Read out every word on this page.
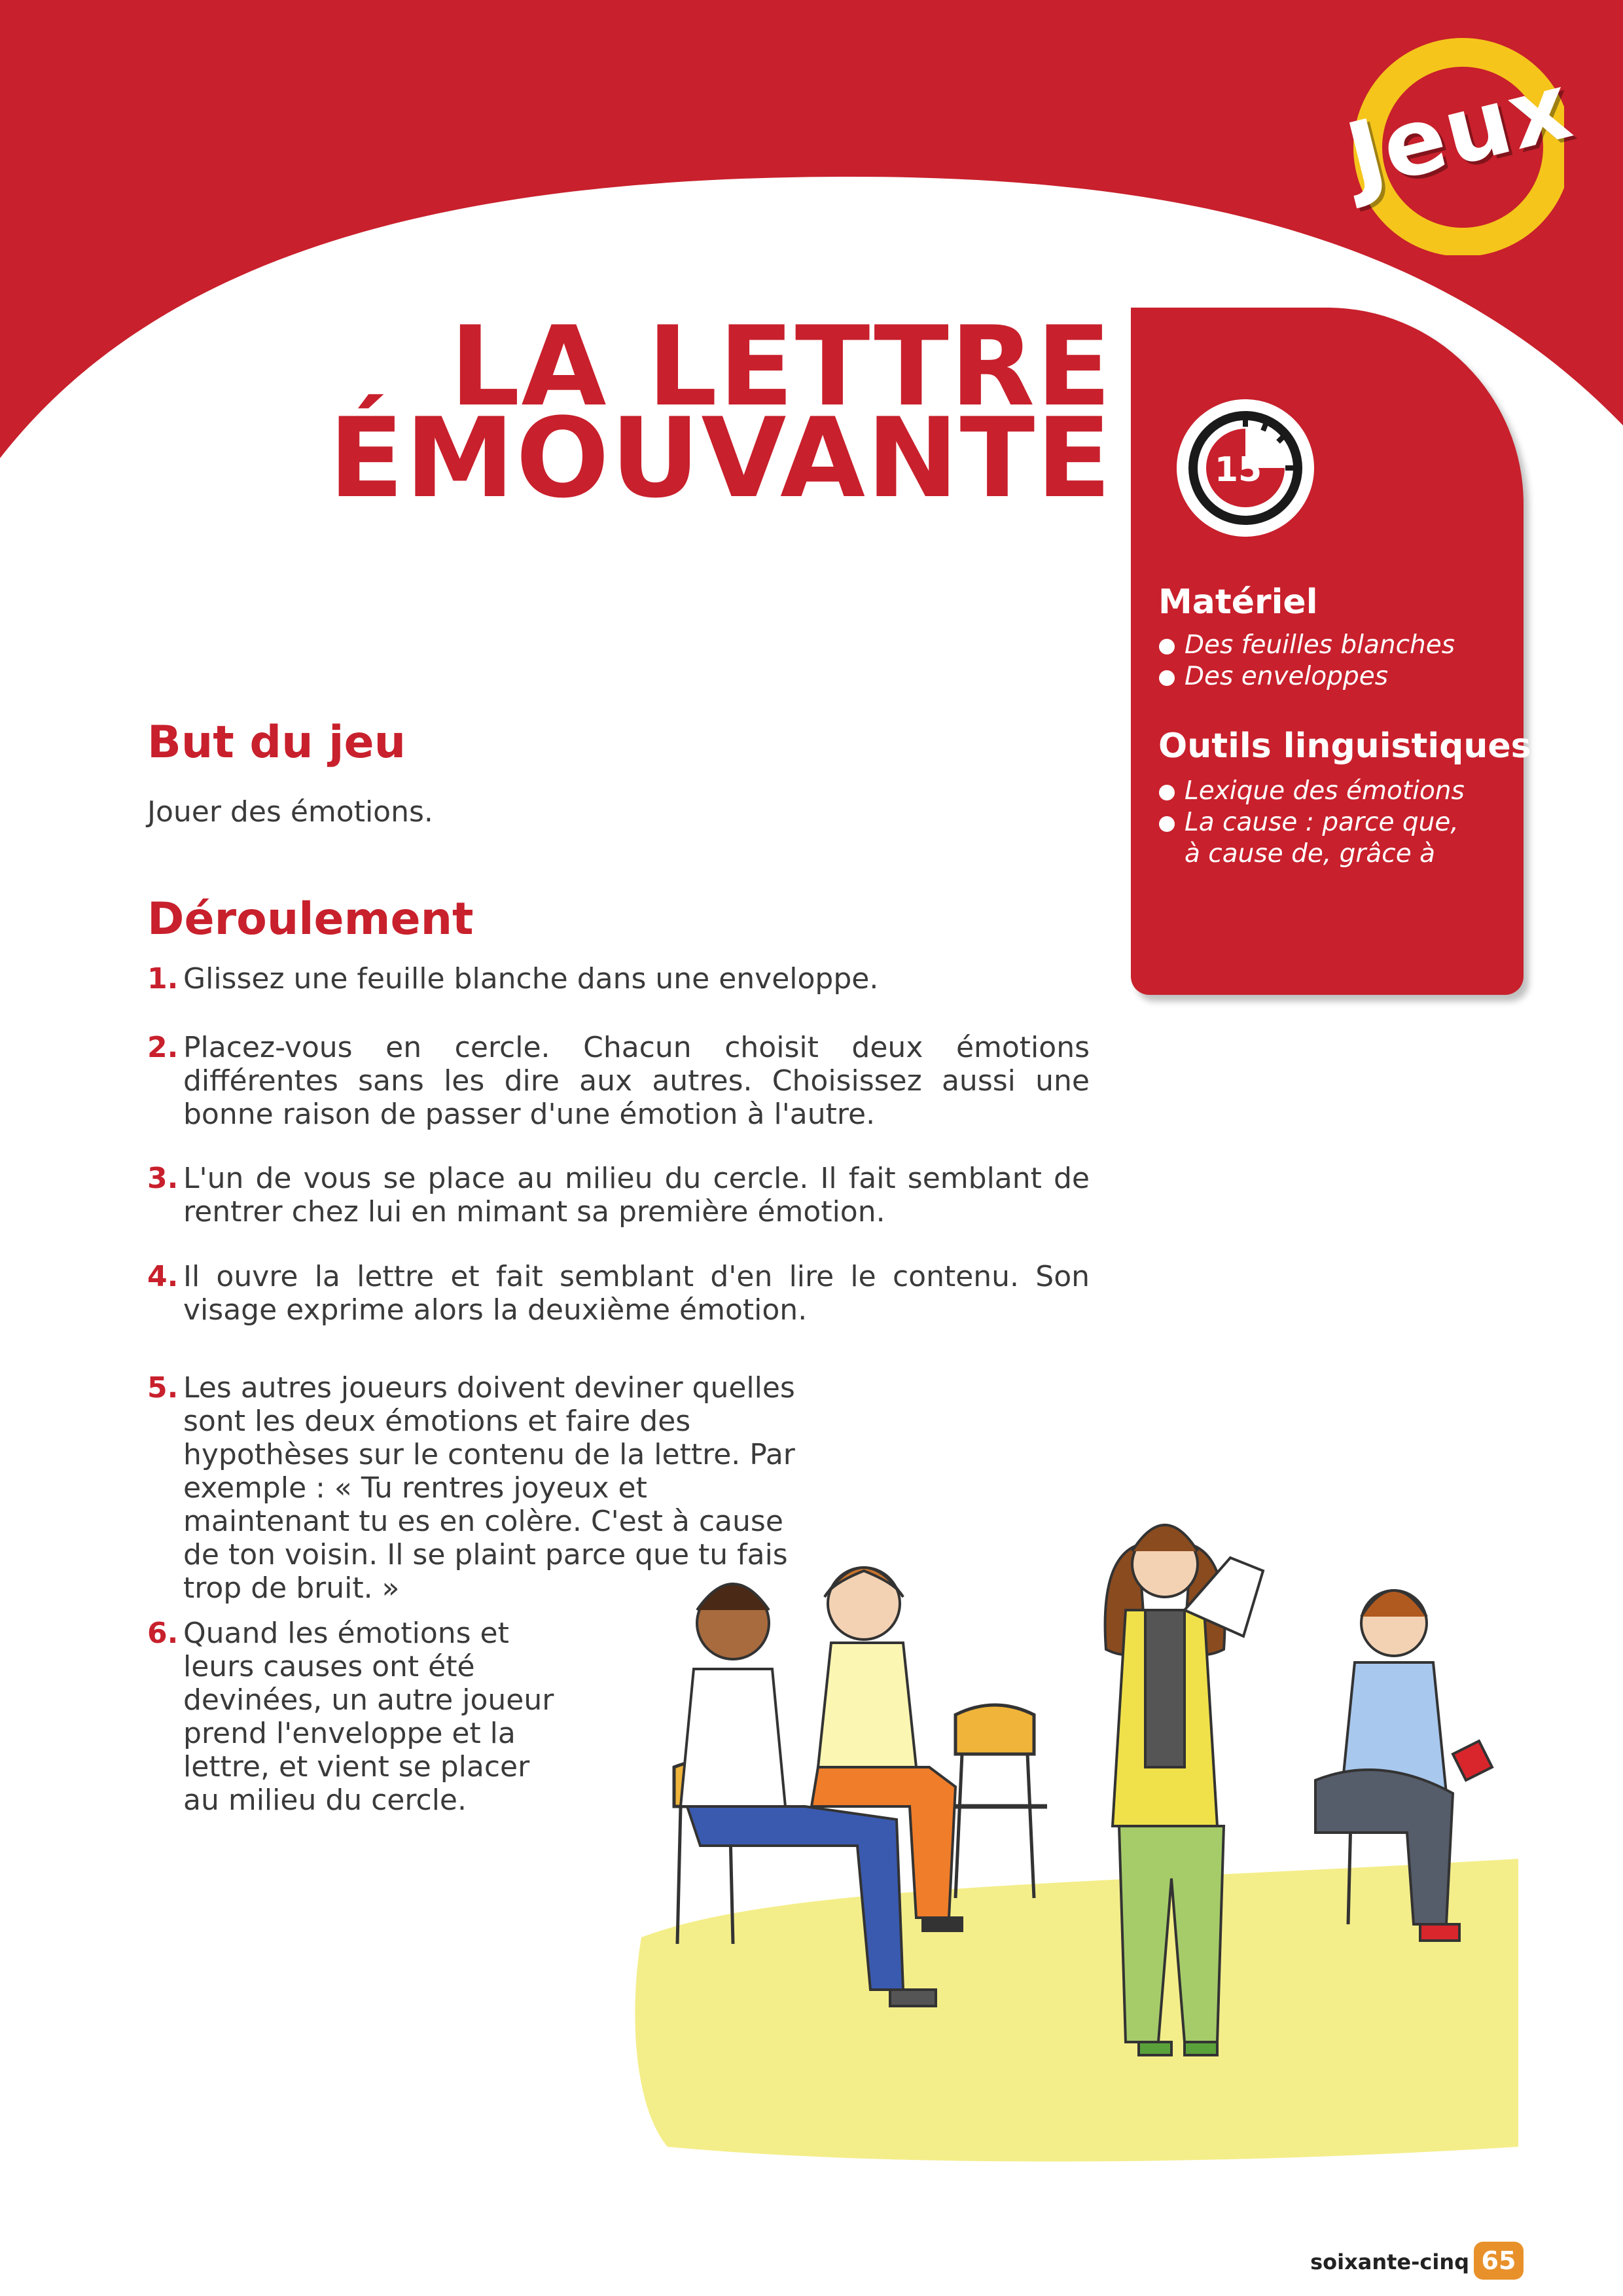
Jeux
LA LETTRE
ÉMOUVANTE	15'
Matériel
Des feuilles blanches
Des enveloppes
Outils linguistiques
Lexique des émotions
La cause : parce que, à cause de, grâce à
But du jeu
Jouer des émotions.
Déroulement
1. Glissez une feuille blanche dans une enveloppe.
2. Placez-vous en cercle. Chacun choisit deux émotions différentes sans les dire aux autres. Choisissez aussi une bonne raison de passer d'une émotion à l'autre.
3. L'un de vous se place au milieu du cercle. Il fait semblant de rentrer chez lui en mimant sa première émotion.
4. Il ouvre la lettre et fait semblant d'en lire le contenu. Son visage exprime alors la deuxième émotion.
5. Les autres joueurs doivent deviner quelles sont les deux émotions et faire des hypothèses sur le contenu de la lettre. Par exemple : « Tu rentres joyeux et maintenant tu es en colère. C'est à cause de ton voisin. Il se plaint parce que tu fais trop de bruit. »
6. Quand les émotions et leurs causes ont été devinées, un autre joueur prend l'enveloppe et la lettre, et vient se placer au milieu du cercle.
soixante-cinq 65
